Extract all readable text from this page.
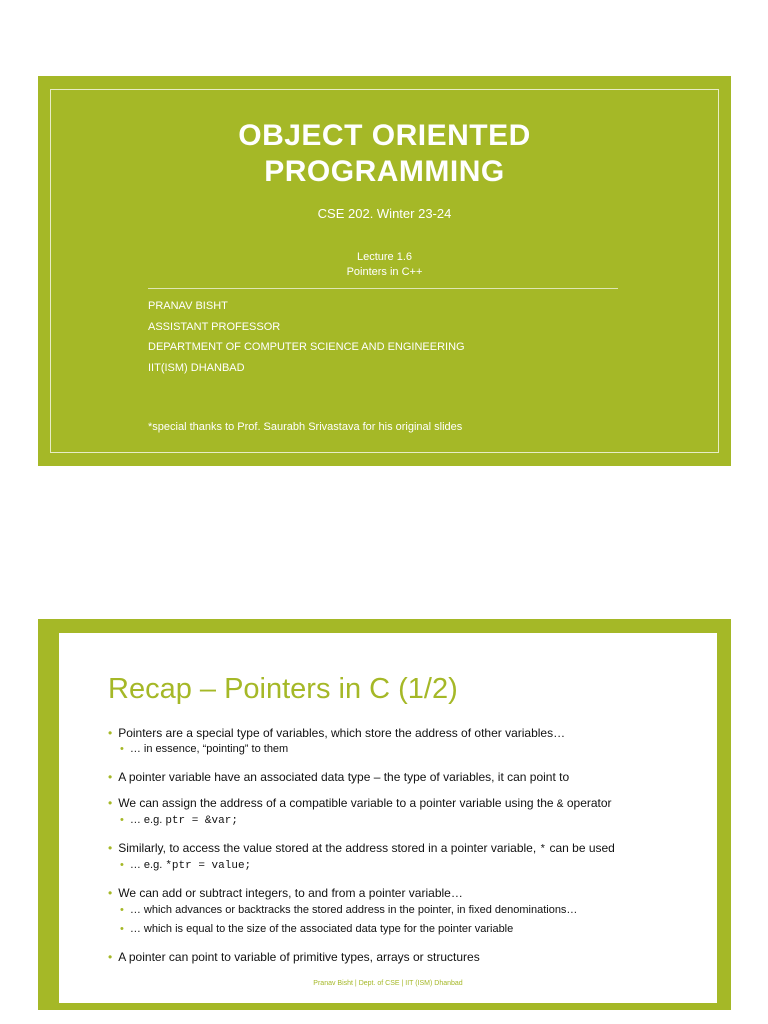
OBJECT ORIENTED
PROGRAMMING
CSE 202. Winter 23-24
Lecture 1.6
Pointers in C++
PRANAV BISHT
ASSISTANT PROFESSOR
DEPARTMENT OF COMPUTER SCIENCE AND ENGINEERING
IIT(ISM) DHANBAD
*special thanks to Prof. Saurabh Srivastava for his original slides
Recap – Pointers in C (1/2)
• Pointers are a special type of variables, which store the address of other variables…
• … in essence, “pointing” to them
• A pointer variable have an associated data type – the type of variables, it can point to
• We can assign the address of a compatible variable to a pointer variable using the & operator
• … e.g. ptr = &var;
• Similarly, to access the value stored at the address stored in a pointer variable, * can be used
• … e.g. *ptr = value;
• We can add or subtract integers, to and from a pointer variable…
• … which advances or backtracks the stored address in the pointer, in fixed denominations…
• … which is equal to the size of the associated data type for the pointer variable
• A pointer can point to variable of primitive types, arrays or structures
Pranav Bisht | Dept. of CSE | IIT (ISM) Dhanbad
